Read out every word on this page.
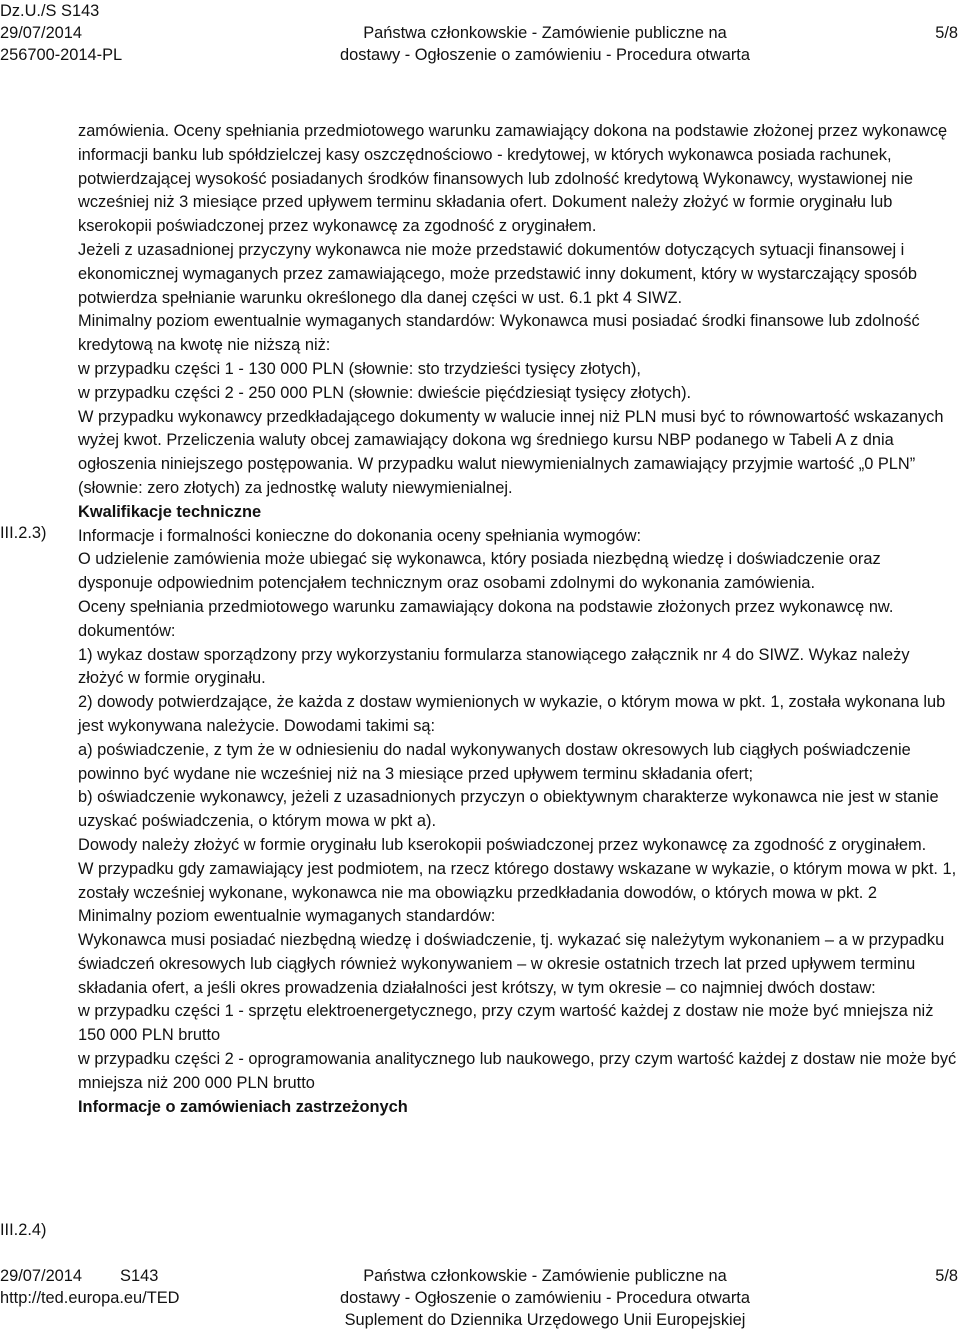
Dz.U./S S143
29/07/2014
256700-2014-PL

Państwa członkowskie - Zamówienie publiczne na
dostawy - Ogłoszenie o zamówieniu - Procedura otwarta
5/8
III.2.3)
III.2.4)

zamówienia. Oceny spełniania przedmiotowego warunku zamawiający dokona na podstawie złożonej przez wykonawcę informacji banku lub spółdzielczej kasy oszczędnościowo - kredytowej, w których wykonawca posiada rachunek, potwierdzającej wysokość posiadanych środków finansowych lub zdolność kredytową Wykonawcy, wystawionej nie wcześniej niż 3 miesiące przed upływem terminu składania ofert. Dokument należy złożyć w formie oryginału lub kserokopii poświadczonej przez wykonawcę za zgodność z oryginałem.

Jeżeli z uzasadnionej przyczyny wykonawca nie może przedstawić dokumentów dotyczących sytuacji finansowej i ekonomicznej wymaganych przez zamawiającego, może przedstawić inny dokument, który w wystarczający sposób potwierdza spełnianie warunku określonego dla danej części w ust. 6.1 pkt 4 SIWZ.

Minimalny poziom ewentualnie wymaganych standardów: Wykonawca musi posiadać środki finansowe lub zdolność kredytową na kwotę nie niższą niż:

w przypadku części 1 - 130 000 PLN (słownie: sto trzydzieści tysięcy złotych),

w przypadku części 2 - 250 000 PLN (słownie: dwieście pięćdziesiąt tysięcy złotych).

W przypadku wykonawcy przedkładającego dokumenty w walucie innej niż PLN musi być to równowartość wskazanych wyżej kwot. Przeliczenia waluty obcej zamawiający dokona wg średniego kursu NBP podanego w Tabeli A z dnia ogłoszenia niniejszego postępowania. W przypadku walut niewymienialnych zamawiający przyjmie wartość „0 PLN” (słownie: zero złotych) za jednostkę waluty niewymienialnej.

Kwalifikacje techniczne

Informacje i formalności konieczne do dokonania oceny spełniania wymogów:

O udzielenie zamówienia może ubiegać się wykonawca, który posiada niezbędną wiedzę i doświadczenie oraz dysponuje odpowiednim potencjałem technicznym oraz osobami zdolnymi do wykonania zamówienia.

Oceny spełniania przedmiotowego warunku zamawiający dokona na podstawie złożonych przez wykonawcę nw. dokumentów:

1) wykaz dostaw sporządzony przy wykorzystaniu formularza stanowiącego załącznik nr 4 do SIWZ. Wykaz należy złożyć w formie oryginału.

2) dowody potwierdzające, że każda z dostaw wymienionych w wykazie, o którym mowa w pkt. 1, została wykonana lub jest wykonywana należycie. Dowodami takimi są:

a) poświadczenie, z tym że w odniesieniu do nadal wykonywanych dostaw okresowych lub ciągłych poświadczenie powinno być wydane nie wcześniej niż na 3 miesiące przed upływem terminu składania ofert;

b) oświadczenie wykonawcy, jeżeli z uzasadnionych przyczyn o obiektywnym charakterze wykonawca nie jest w stanie uzyskać poświadczenia, o którym mowa w pkt a).

Dowody należy złożyć w formie oryginału lub kserokopii poświadczonej przez wykonawcę za zgodność z oryginałem.

W przypadku gdy zamawiający jest podmiotem, na rzecz którego dostawy wskazane w wykazie, o którym mowa w pkt. 1, zostały wcześniej wykonane, wykonawca nie ma obowiązku przedkładania dowodów, o których mowa w pkt. 2

Minimalny poziom ewentualnie wymaganych standardów:

Wykonawca musi posiadać niezbędną wiedzę i doświadczenie, tj. wykazać się należytym wykonaniem – a w przypadku świadczeń okresowych lub ciągłych również wykonywaniem – w okresie ostatnich trzech lat przed upływem terminu składania ofert, a jeśli okres prowadzenia działalności jest krótszy, w tym okresie – co najmniej dwóch dostaw:

w przypadku części 1 - sprzętu elektroenergetycznego, przy czym wartość każdej z dostaw nie może być mniejsza niż 150 000 PLN brutto

w przypadku części 2 - oprogramowania analitycznego lub naukowego, przy czym wartość każdej z dostaw nie może być mniejsza niż 200 000 PLN brutto

Informacje o zamówieniach zastrzeżonych

29/07/2014 S143
http://ted.europa.eu/TED
Państwa członkowskie - Zamówienie publiczne na
dostawy - Ogłoszenie o zamówieniu - Procedura otwarta
Suplement do Dziennika Urzędowego Unii Europejskiej
5/8
